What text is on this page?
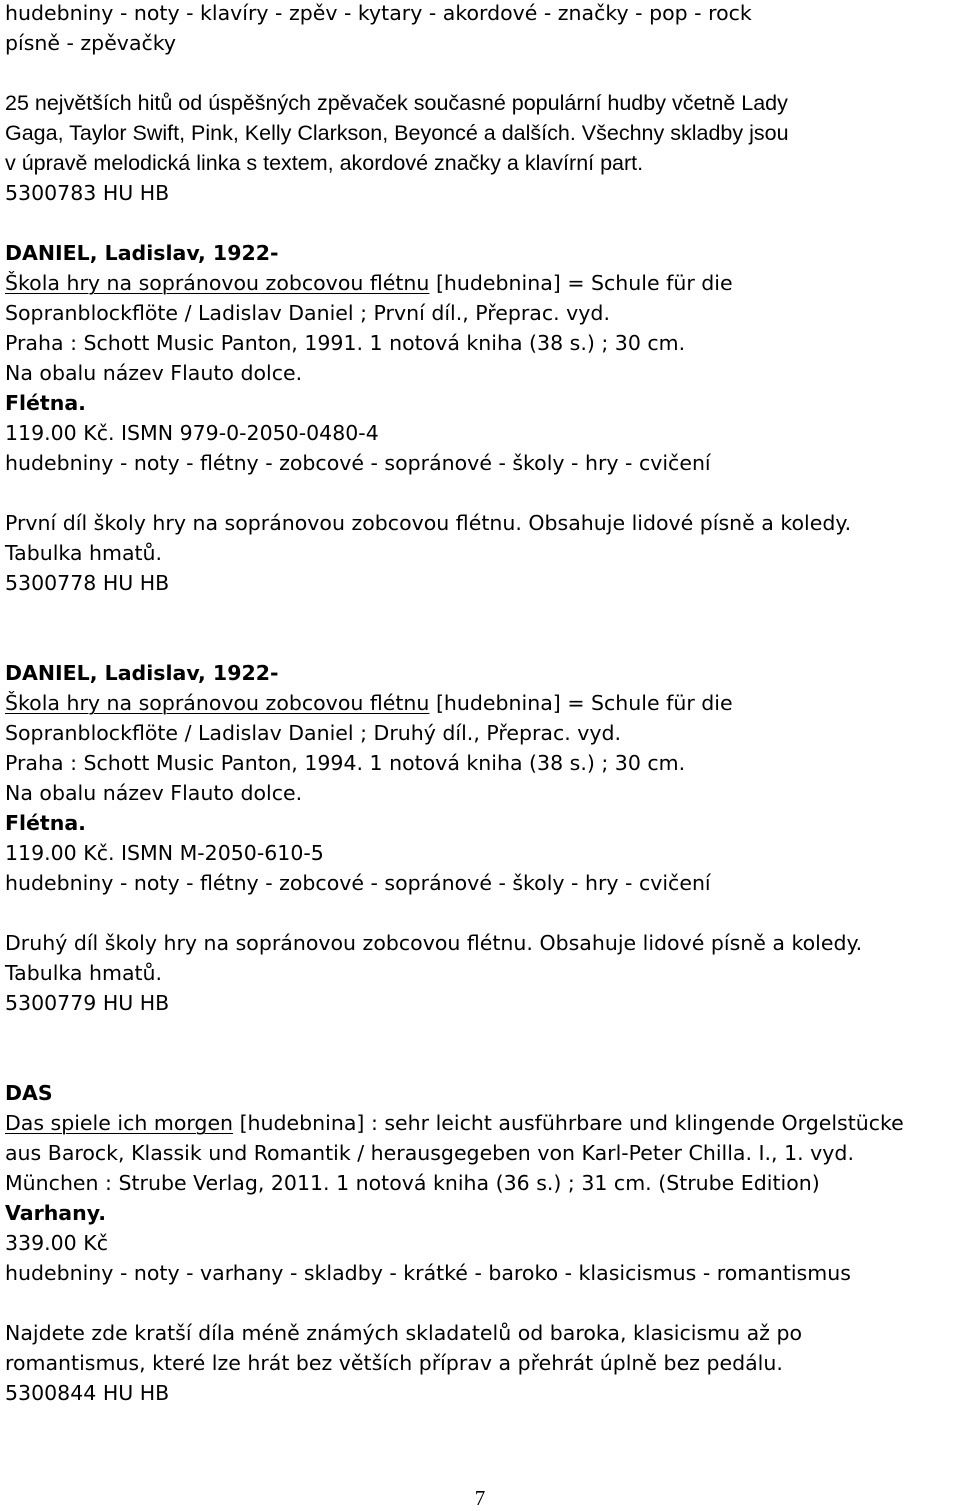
hudebniny - noty - klavíry - zpěv - kytary - akordové - značky - pop - rock
písně - zpěvačky
25 největších hitů od úspěšných zpěvaček současné populární hudby včetně Lady
Gaga, Taylor Swift, Pink, Kelly Clarkson, Beyoncé a dalších. Všechny skladby jsou
v úpravě melodická linka s textem, akordové značky a klavírní part.
5300783 HU HB
DANIEL, Ladislav, 1922-
Škola hry na sopránovou zobcovou flétnu [hudebnina] = Schule für die
Sopranblockflöte / Ladislav Daniel ; První díl., Přeprac. vyd.
Praha : Schott Music Panton, 1991. 1 notová kniha (38 s.) ; 30 cm.
Na obalu název Flauto dolce.
Flétna.
119.00 Kč. ISMN 979-0-2050-0480-4
hudebniny - noty - flétny - zobcové - sopránové - školy - hry - cvičení
První díl školy hry na sopránovou zobcovou flétnu. Obsahuje lidové písně a koledy.
Tabulka hmatů.
5300778 HU HB
DANIEL, Ladislav, 1922-
Škola hry na sopránovou zobcovou flétnu [hudebnina] = Schule für die
Sopranblockflöte / Ladislav Daniel ; Druhý díl., Přeprac. vyd.
Praha : Schott Music Panton, 1994. 1 notová kniha (38 s.) ; 30 cm.
Na obalu název Flauto dolce.
Flétna.
119.00 Kč. ISMN M-2050-610-5
hudebniny - noty - flétny - zobcové - sopránové - školy - hry - cvičení
Druhý díl školy hry na sopránovou zobcovou flétnu. Obsahuje lidové písně a koledy.
Tabulka hmatů.
5300779 HU HB
DAS
Das spiele ich morgen [hudebnina] : sehr leicht ausführbare und klingende Orgelstücke
aus Barock, Klassik und Romantik / herausgegeben von Karl-Peter Chilla. I., 1. vyd.
München : Strube Verlag, 2011. 1 notová kniha (36 s.) ; 31 cm. (Strube Edition)
Varhany.
339.00 Kč
hudebniny - noty - varhany - skladby - krátké - baroko - klasicismus - romantismus
Najdete zde kratší díla méně známých skladatelů od baroka, klasicismu až po
romantismus, které lze hrát bez větších příprav a přehrát úplně bez pedálu.
5300844 HU HB
7
